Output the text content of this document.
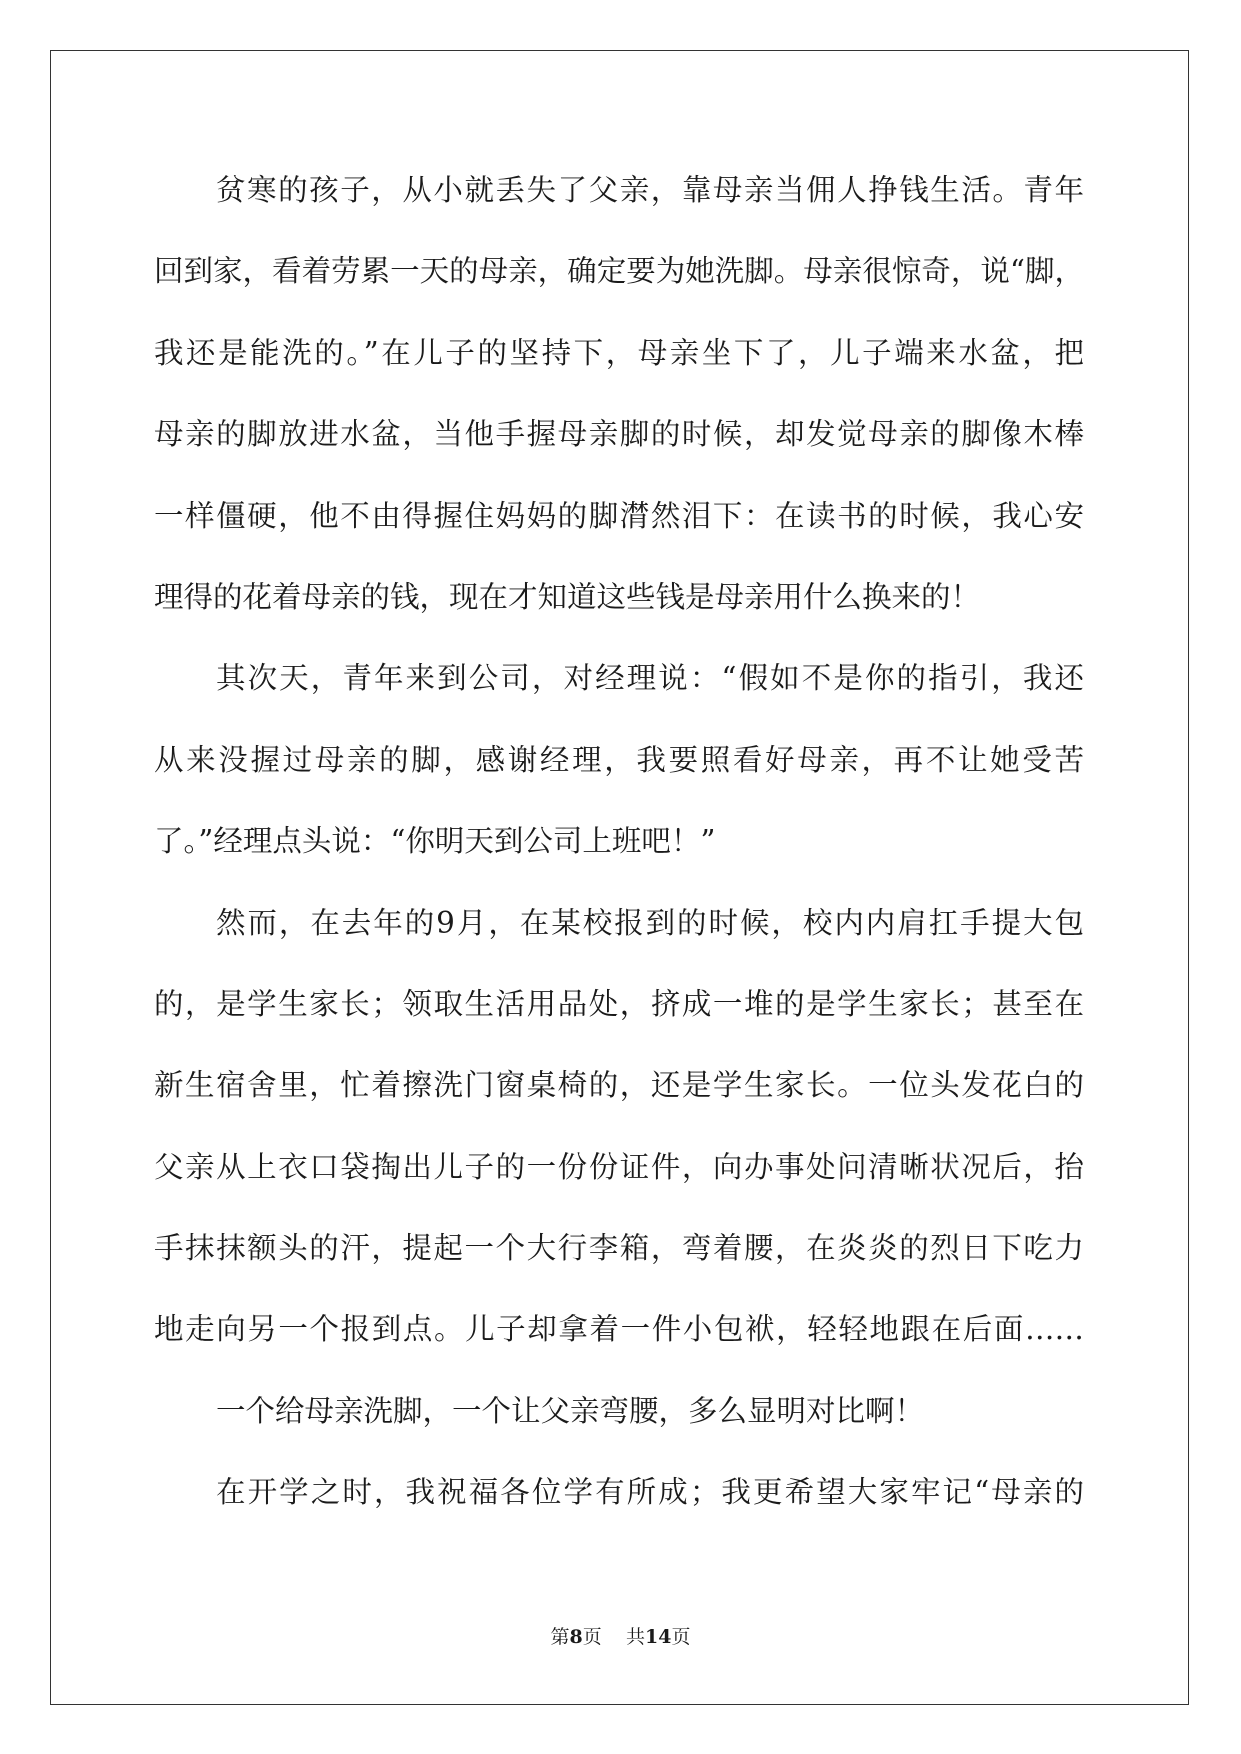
贫寒的孩子，从小就丢失了父亲，靠母亲当佣人挣钱生活。青年
回到家，看着劳累一天的母亲，确定要为她洗脚。母亲很惊奇，说“脚，
我还是能洗的。”在儿子的坚持下，母亲坐下了，儿子端来水盆，把
母亲的脚放进水盆，当他手握母亲脚的时候，却发觉母亲的脚像木棒
一样僵硬，他不由得握住妈妈的脚潸然泪下：在读书的时候，我心安
理得的花着母亲的钱，现在才知道这些钱是母亲用什么换来的！
其次天，青年来到公司，对经理说：“假如不是你的指引，我还
从来没握过母亲的脚，感谢经理，我要照看好母亲，再不让她受苦
了。”经理点头说：“你明天到公司上班吧！”
然而，在去年的9月，在某校报到的时候，校内内肩扛手提大包
的，是学生家长；领取生活用品处，挤成一堆的是学生家长；甚至在
新生宿舍里，忙着擦洗门窗桌椅的，还是学生家长。一位头发花白的
父亲从上衣口袋掏出儿子的一份份证件，向办事处问清晰状况后，抬
手抹抹额头的汗，提起一个大行李箱，弯着腰，在炎炎的烈日下吃力
地走向另一个报到点。儿子却拿着一件小包袱，轻轻地跟在后面……
一个给母亲洗脚，一个让父亲弯腰，多么显明对比啊！
在开学之时，我祝福各位学有所成；我更希望大家牢记“母亲的
第8页 共14页
